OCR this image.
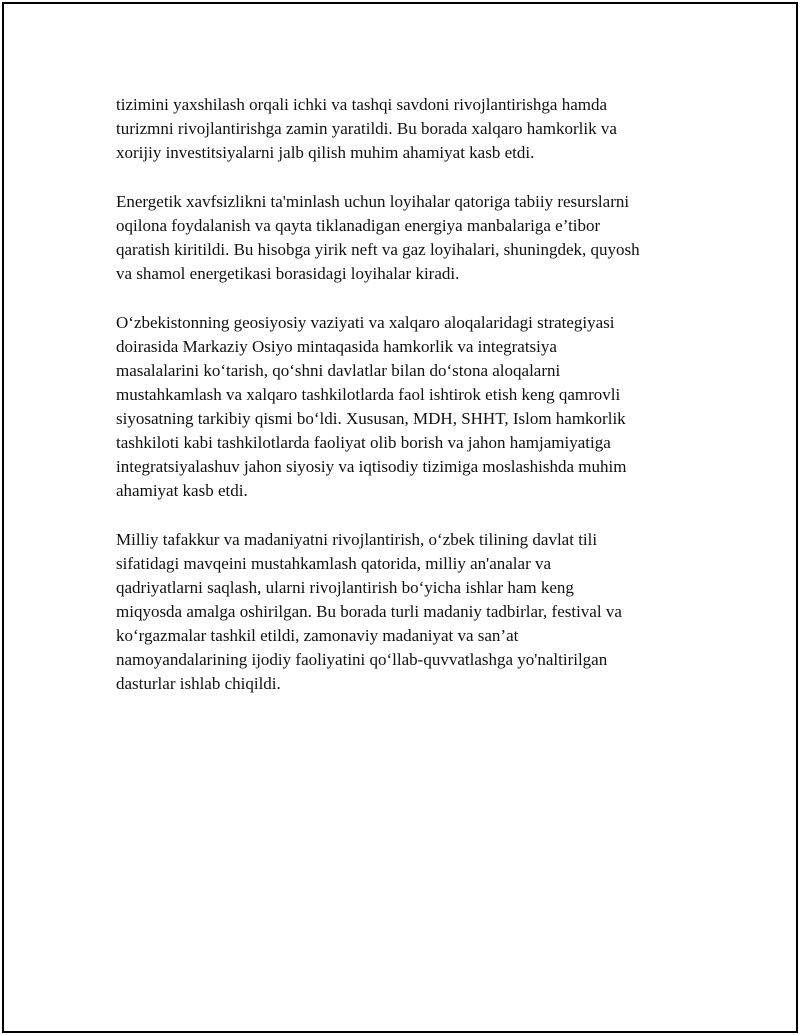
tizimini yaxshilash orqali ichki va tashqi savdoni rivojlantirishga hamda
turizmni rivojlantirishga zamin yaratildi. Bu borada xalqaro hamkorlik va
xorijiy investitsiyalarni jalb qilish muhim ahamiyat kasb etdi.

Energetik xavfsizlikni ta'minlash uchun loyihalar qatoriga tabiiy resurslarni
oqilona foydalanish va qayta tiklanadigan energiya manbalariga e’tibor
qaratish kiritildi. Bu hisobga yirik neft va gaz loyihalari, shuningdek, quyosh
va shamol energetikasi borasidagi loyihalar kiradi.

O‘zbekistonning geosiyosiy vaziyati va xalqaro aloqalaridagi strategiyasi
doirasida Markaziy Osiyo mintaqasida hamkorlik va integratsiya
masalalarini ko‘tarish, qo‘shni davlatlar bilan do‘stona aloqalarni
mustahkamlash va xalqaro tashkilotlarda faol ishtirok etish keng qamrovli
siyosatning tarkibiy qismi bo‘ldi. Xususan, MDH, SHHT, Islom hamkorlik
tashkiloti kabi tashkilotlarda faoliyat olib borish va jahon hamjamiyatiga
integratsiyalashuv jahon siyosiy va iqtisodiy tizimiga moslashishda muhim
ahamiyat kasb etdi.

Milliy tafakkur va madaniyatni rivojlantirish, o‘zbek tilining davlat tili
sifatidagi mavqeini mustahkamlash qatorida, milliy an'analar va
qadriyatlarni saqlash, ularni rivojlantirish bo‘yicha ishlar ham keng
miqyosda amalga oshirilgan. Bu borada turli madaniy tadbirlar, festival va
ko‘rgazmalar tashkil etildi, zamonaviy madaniyat va san’at
namoyandalarining ijodiy faoliyatini qo‘llab-quvvatlashga yo'naltirilgan
dasturlar ishlab chiqildi.
